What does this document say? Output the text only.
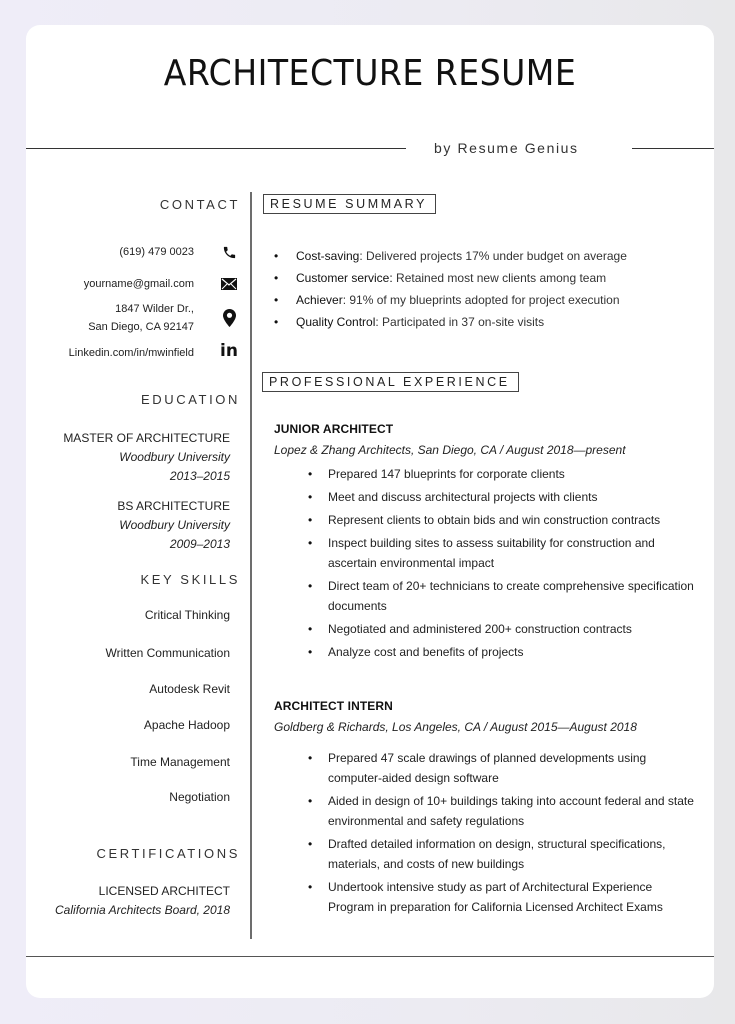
ARCHITECTURE RESUME
by Resume Genius
CONTACT
(619) 479 0023
yourname@gmail.com
1847 Wilder Dr.,
San Diego, CA 92147
Linkedin.com/in/mwinfield in
EDUCATION
MASTER OF ARCHITECTURE
Woodbury University
2013–2015
BS ARCHITECTURE
Woodbury University
2009–2013
KEY SKILLS
Critical Thinking
Written Communication
Autodesk Revit
Apache Hadoop
Time Management
Negotiation
CERTIFICATIONS
LICENSED ARCHITECT
California Architects Board, 2018
RESUME SUMMARY
• Cost-saving: Delivered projects 17% under budget on average
• Customer service: Retained most new clients among team
• Achiever: 91% of my blueprints adopted for project execution
• Quality Control: Participated in 37 on-site visits
PROFESSIONAL EXPERIENCE
JUNIOR ARCHITECT
Lopez & Zhang Architects, San Diego, CA / August 2018—present
• Prepared 147 blueprints for corporate clients
• Meet and discuss architectural projects with clients
• Represent clients to obtain bids and win construction contracts
• Inspect building sites to assess suitability for construction and ascertain environmental impact
• Direct team of 20+ technicians to create comprehensive specification documents
• Negotiated and administered 200+ construction contracts
• Analyze cost and benefits of projects
ARCHITECT INTERN
Goldberg & Richards, Los Angeles, CA / August 2015—August 2018
• Prepared 47 scale drawings of planned developments using computer-aided design software
• Aided in design of 10+ buildings taking into account federal and state environmental and safety regulations
• Drafted detailed information on design, structural specifications, materials, and costs of new buildings
• Undertook intensive study as part of Architectural Experience Program in preparation for California Licensed Architect Exams
